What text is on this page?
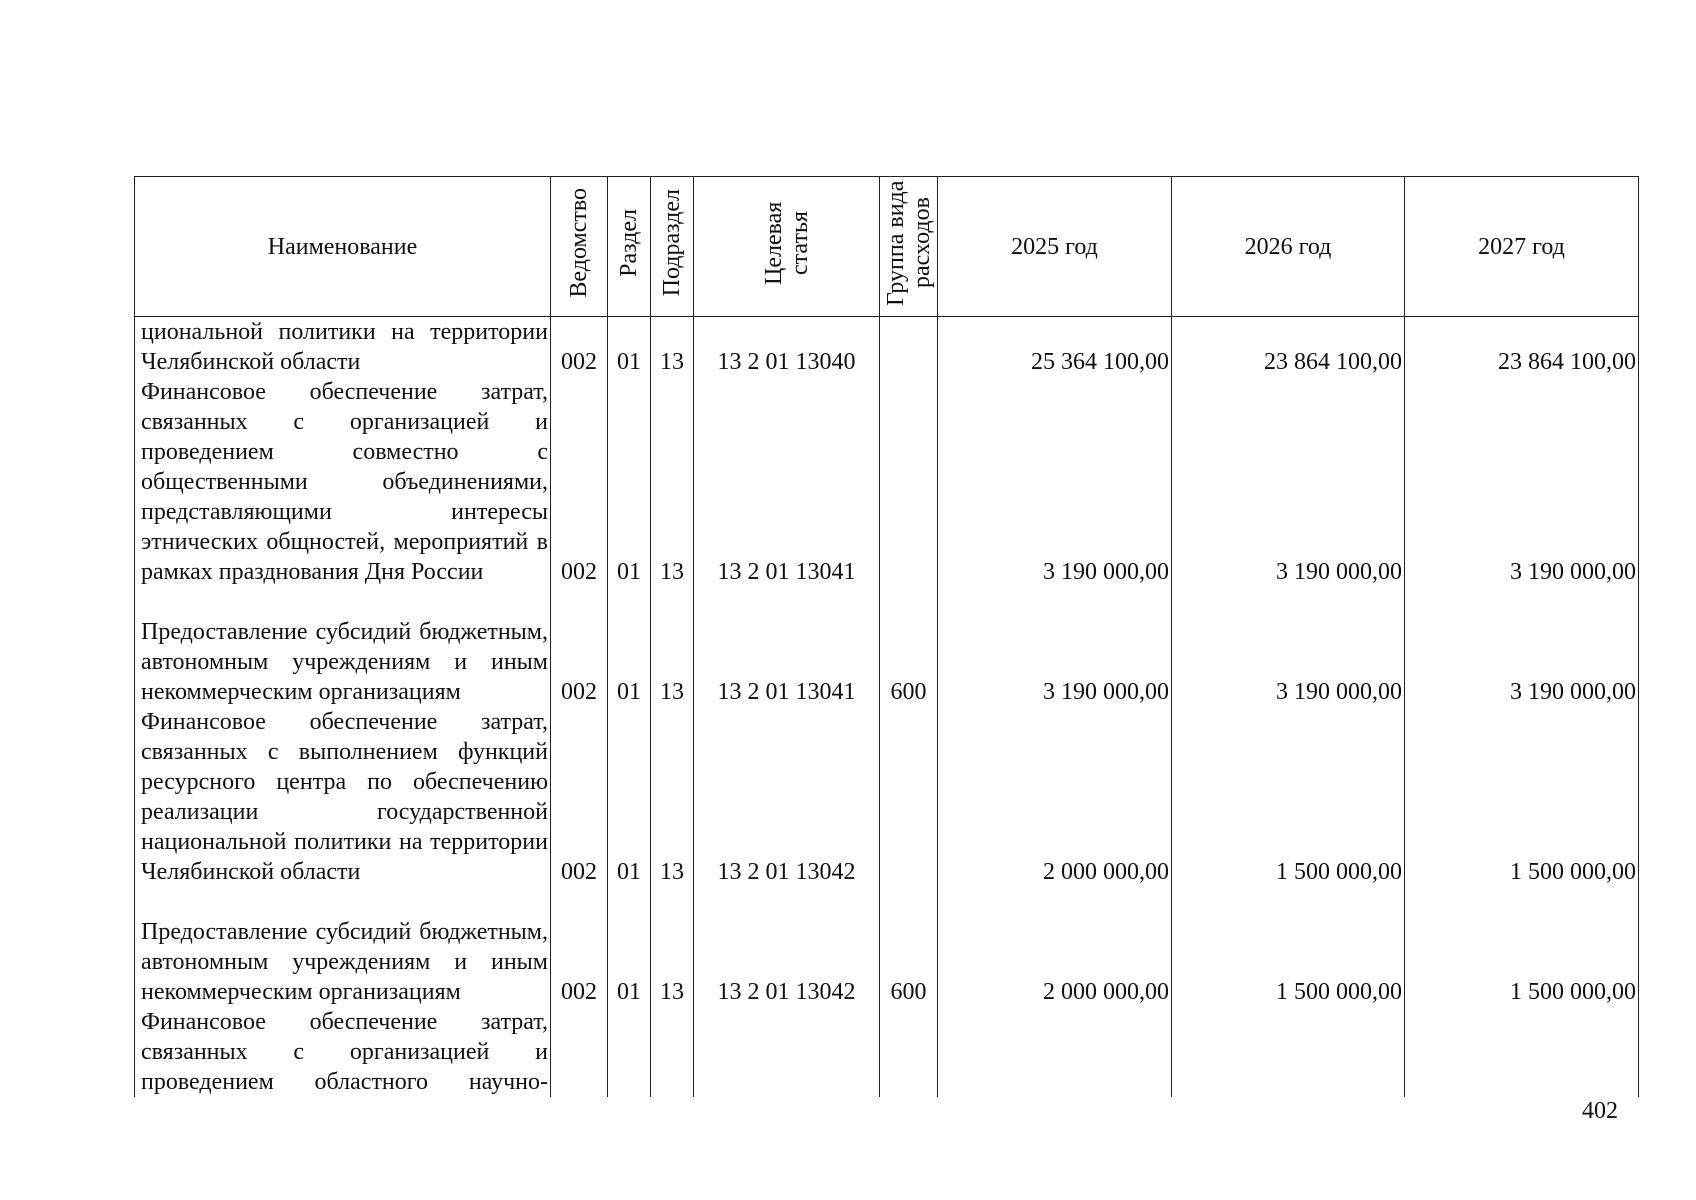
Наименование	Ведомство	Раздел	Подраздел	Целевая статья	Группа вида расходов	2025 год	2026 год	2027 год
циональной политики на территории Челябинской области	002	01	13	13 2 01 13040		25 364 100,00	23 864 100,00	23 864 100,00
Финансовое обеспечение затрат, связанных с организацией и проведением совместно с общественными объединениями, представляющими интересы этнических общностей, мероприятий в рамках празднования Дня России	002	01	13	13 2 01 13041		3 190 000,00	3 190 000,00	3 190 000,00
Предоставление субсидий бюджетным, автономным учреждениям и иным некоммерческим организациям	002	01	13	13 2 01 13041	600	3 190 000,00	3 190 000,00	3 190 000,00
Финансовое обеспечение затрат, связанных с выполнением функций ресурсного центра по обеспечению реализации государственной национальной политики на территории Челябинской области	002	01	13	13 2 01 13042		2 000 000,00	1 500 000,00	1 500 000,00
Предоставление субсидий бюджетным, автономным учреждениям и иным некоммерческим организациям	002	01	13	13 2 01 13042	600	2 000 000,00	1 500 000,00	1 500 000,00
Финансовое обеспечение затрат, связанных с организацией и проведением областного научно-								
402
